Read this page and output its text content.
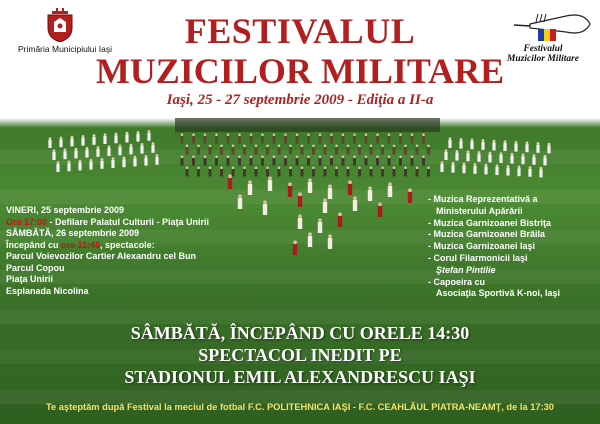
Primăria Municipiului Iaşi	FESTIVALUL
MUZICILOR MILITARE
Iaşi, 25 - 27 septembrie 2009 - Ediţia a II-a
Festivalul
Muzicilor Militare
VINERI, 25 septembrie 2009
Ora 17:00 - Defilare Palatul Culturii - Piaţa Unirii
SÂMBĂTĂ, 26 septembrie 2009
Începând cu ora 11:45, spectacole:
Parcul Voievozilor Cartier Alexandru cel Bun
Parcul Copou
Piaţa Unirii
Esplanada Nicolina
- Muzica Reprezentativă a
Ministerului Apărării
- Muzica Garnizoanei Bistriţa
- Muzica Garnizoanei Brăila
- Muzica Garnizoanei Iaşi
- Corul Filarmonicii Iaşi
Ştefan Pintilie
- Capoeira cu
Asociaţia Sportivă K-noi, Iaşi
SÂMBĂTĂ, ÎNCEPÂND CU ORELE 14:30
SPECTACOL INEDIT PE
STADIONUL EMIL ALEXANDRESCU IAŞI
Te aşteptăm după Festival la meciul de fotbal F.C. POLITEHNICA IAŞI - F.C. CEAHLĂUL PIATRA-NEAMŢ, de la 17:30
